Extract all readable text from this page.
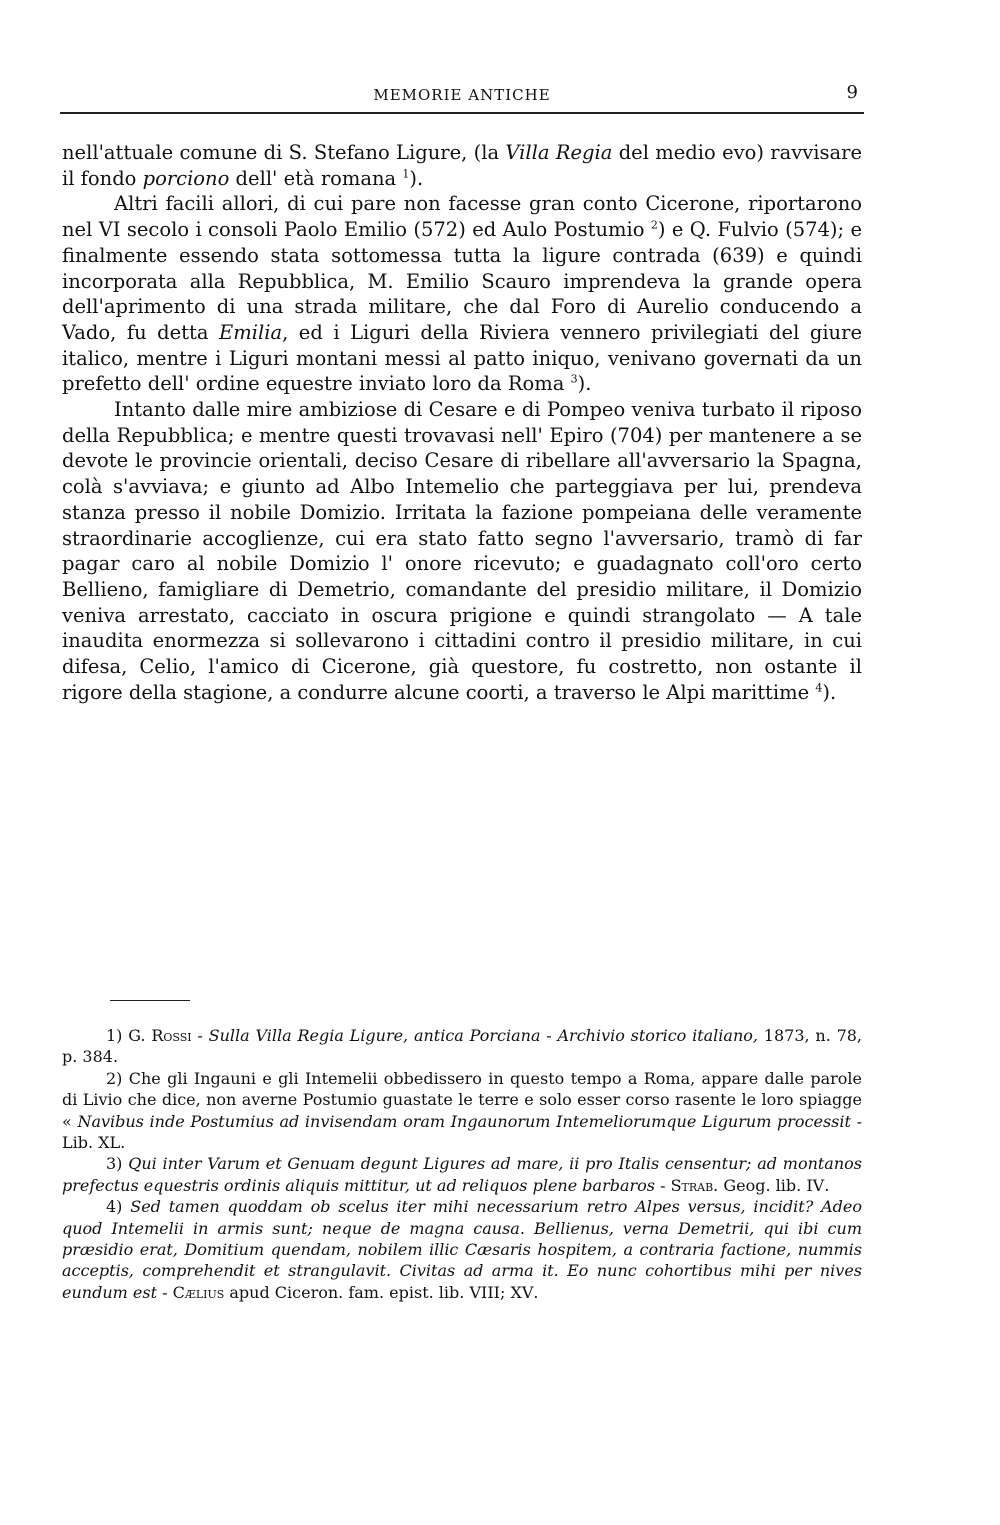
MEMORIE ANTICHE	9

nell'attuale comune di S. Stefano Ligure, (la Villa Regia del medio evo) ravvisare il fondo porciono dell' età romana $^1$).

Altri facili allori, di cui pare non facesse gran conto Cicerone, riportarono nel VI secolo i consoli Paolo Emilio (572) ed Aulo Postumio $^2$) e Q. Fulvio (574); e finalmente essendo stata sottomessa tutta la ligure contrada (639) e quindi incorporata alla Repubblica, M. Emilio Scauro imprendeva la grande opera dell'aprimento di una strada militare, che dal Foro di Aurelio conducendo a Vado, fu detta Emilia, ed i Liguri della Riviera vennero privilegiati del giure italico, mentre i Liguri montani messi al patto iniquo, venivano governati da un prefetto dell' ordine equestre inviato loro da Roma $^3$).

Intanto dalle mire ambiziose di Cesare e di Pompeo veniva turbato il riposo della Repubblica; e mentre questi trovavasi nell' Epiro (704) per mantenere a se devote le provincie orientali, deciso Cesare di ribellare all'avversario la Spagna, colà s'avviava; e giunto ad Albo Intemelio che parteggiava per lui, prendeva stanza presso il nobile Domizio. Irritata la fazione pompeiana delle veramente straordinarie accoglienze, cui era stato fatto segno l'avversario, tramò di far pagar caro al nobile Domizio l' onore ricevuto; e guadagnato coll'oro certo Bellieno, famigliare di Demetrio, comandante del presidio militare, il Domizio veniva arrestato, cacciato in oscura prigione e quindi strangolato — A tale inaudita enormezza si sollevarono i cittadini contro il presidio militare, in cui difesa, Celio, l'amico di Cicerone, già questore, fu costretto, non ostante il rigore della stagione, a condurre alcune coorti, a traverso le Alpi marittime $^4$).

1) G. Rossi - Sulla Villa Regia Ligure, antica Porciana - Archivio storico italiano, 1873, n. 78, p. 384.

2) Che gli Ingauni e gli Intemelii obbedissero in questo tempo a Roma, appare dalle parole di Livio che dice, non averne Postumio guastate le terre e solo esser corso rasente le loro spiagge « Navibus inde Postumius ad invisendam oram Ingaunorum Intemeliorumque Ligurum processit - Lib. XL.

3) Qui inter Varum et Genuam degunt Ligures ad mare, ii pro Italis censentur; ad montanos prefectus equestris ordinis aliquis mittitur, ut ad reliquos plene barbaros - Strab. Geog. lib. IV.

4) Sed tamen quoddam ob scelus iter mihi necessarium retro Alpes versus, incidit? Adeo quod Intemelii in armis sunt; neque de magna causa. Bellienus, verna Demetrii, qui ibi cum præsidio erat, Domitium quendam, nobilem illic Cæsaris hospitem, a contraria factione, nummis acceptis, comprehendit et strangulavit. Civitas ad arma it. Eo nunc cohortibus mihi per nives eundum est - Cælius apud Ciceron. fam. epist. lib. VIII; XV.
